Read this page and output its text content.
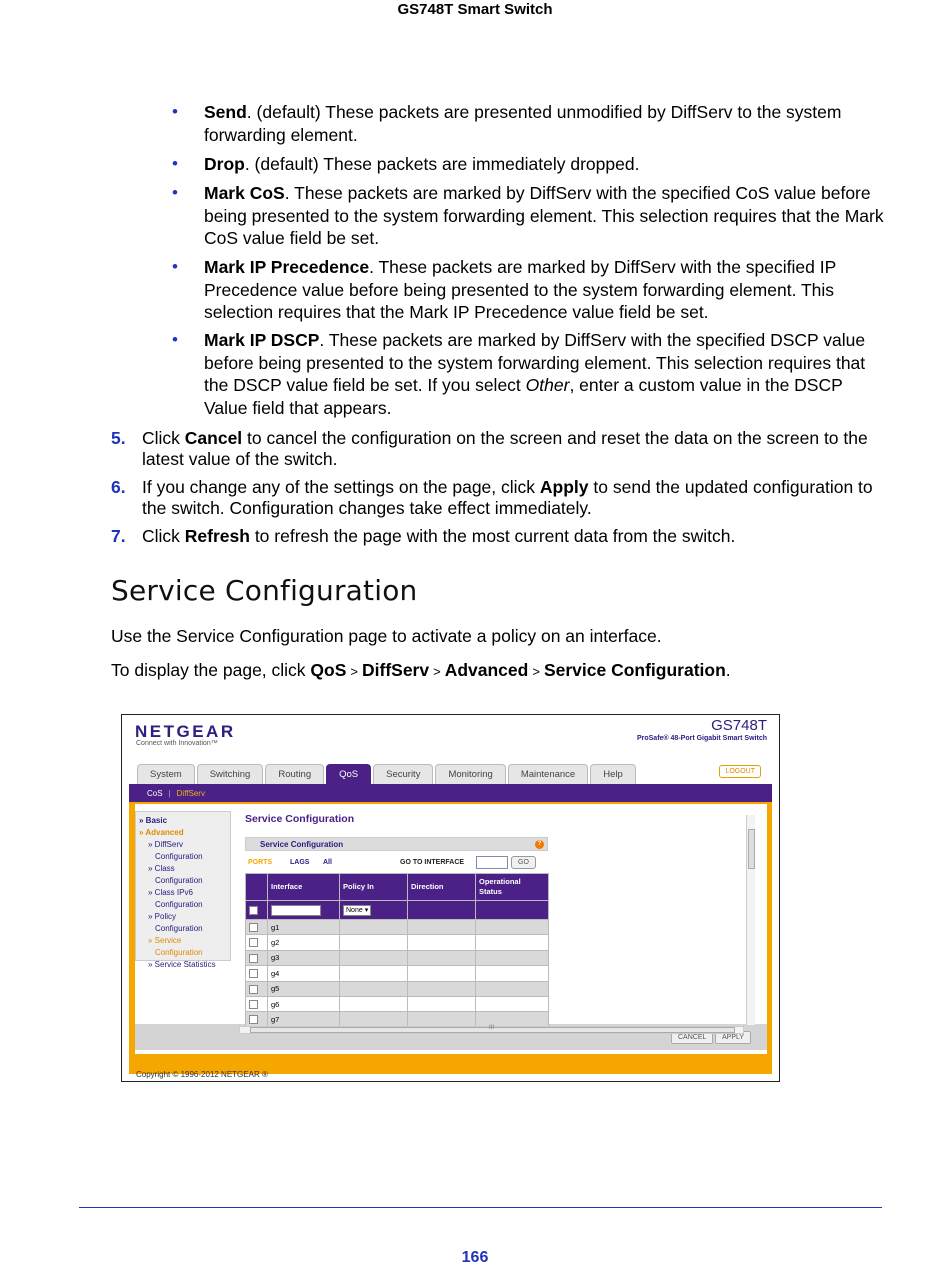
GS748T Smart Switch
• Send. (default) These packets are presented unmodified by DiffServ to the system forwarding element.
• Drop. (default) These packets are immediately dropped.
• Mark CoS. These packets are marked by DiffServ with the specified CoS value before being presented to the system forwarding element. This selection requires that the Mark CoS value field be set.
• Mark IP Precedence. These packets are marked by DiffServ with the specified IP Precedence value before being presented to the system forwarding element. This selection requires that the Mark IP Precedence value field be set.
• Mark IP DSCP. These packets are marked by DiffServ with the specified DSCP value before being presented to the system forwarding element. This selection requires that the DSCP value field be set. If you select Other, enter a custom value in the DSCP Value field that appears.
5. Click Cancel to cancel the configuration on the screen and reset the data on the screen to the latest value of the switch.
6. If you change any of the settings on the page, click Apply to send the updated configuration to the switch. Configuration changes take effect immediately.
7. Click Refresh to refresh the page with the most current data from the switch.
Service Configuration
Use the Service Configuration page to activate a policy on an interface.
To display the page, click QoS > DiffServ > Advanced > Service Configuration.
NETGEAR
Connect with Innovation™
GS748T
ProSafe® 48-Port Gigabit Smart Switch
System	Switching	Routing	QoS	Security	Monitoring	Maintenance	Help	LOGOUT
CoS | DiffServ
CANCEL	APPLY
» Basic
» Advanced
» DiffServ
Configuration
» Class
Configuration
» Class IPv6
Configuration
» Policy
Configuration
» Service
Configuration
» Service Statistics
Service Configuration
Service Configuration	?
PORTS	LAGS All	GO TO INTERFACE	GO
	Interface	Policy In	Direction	Operational Status
		None ▾		
	g1			
	g2			
	g3			
	g4			
	g5			
	g6			
	g7			
III
Copyright © 1996-2012 NETGEAR ®
166
